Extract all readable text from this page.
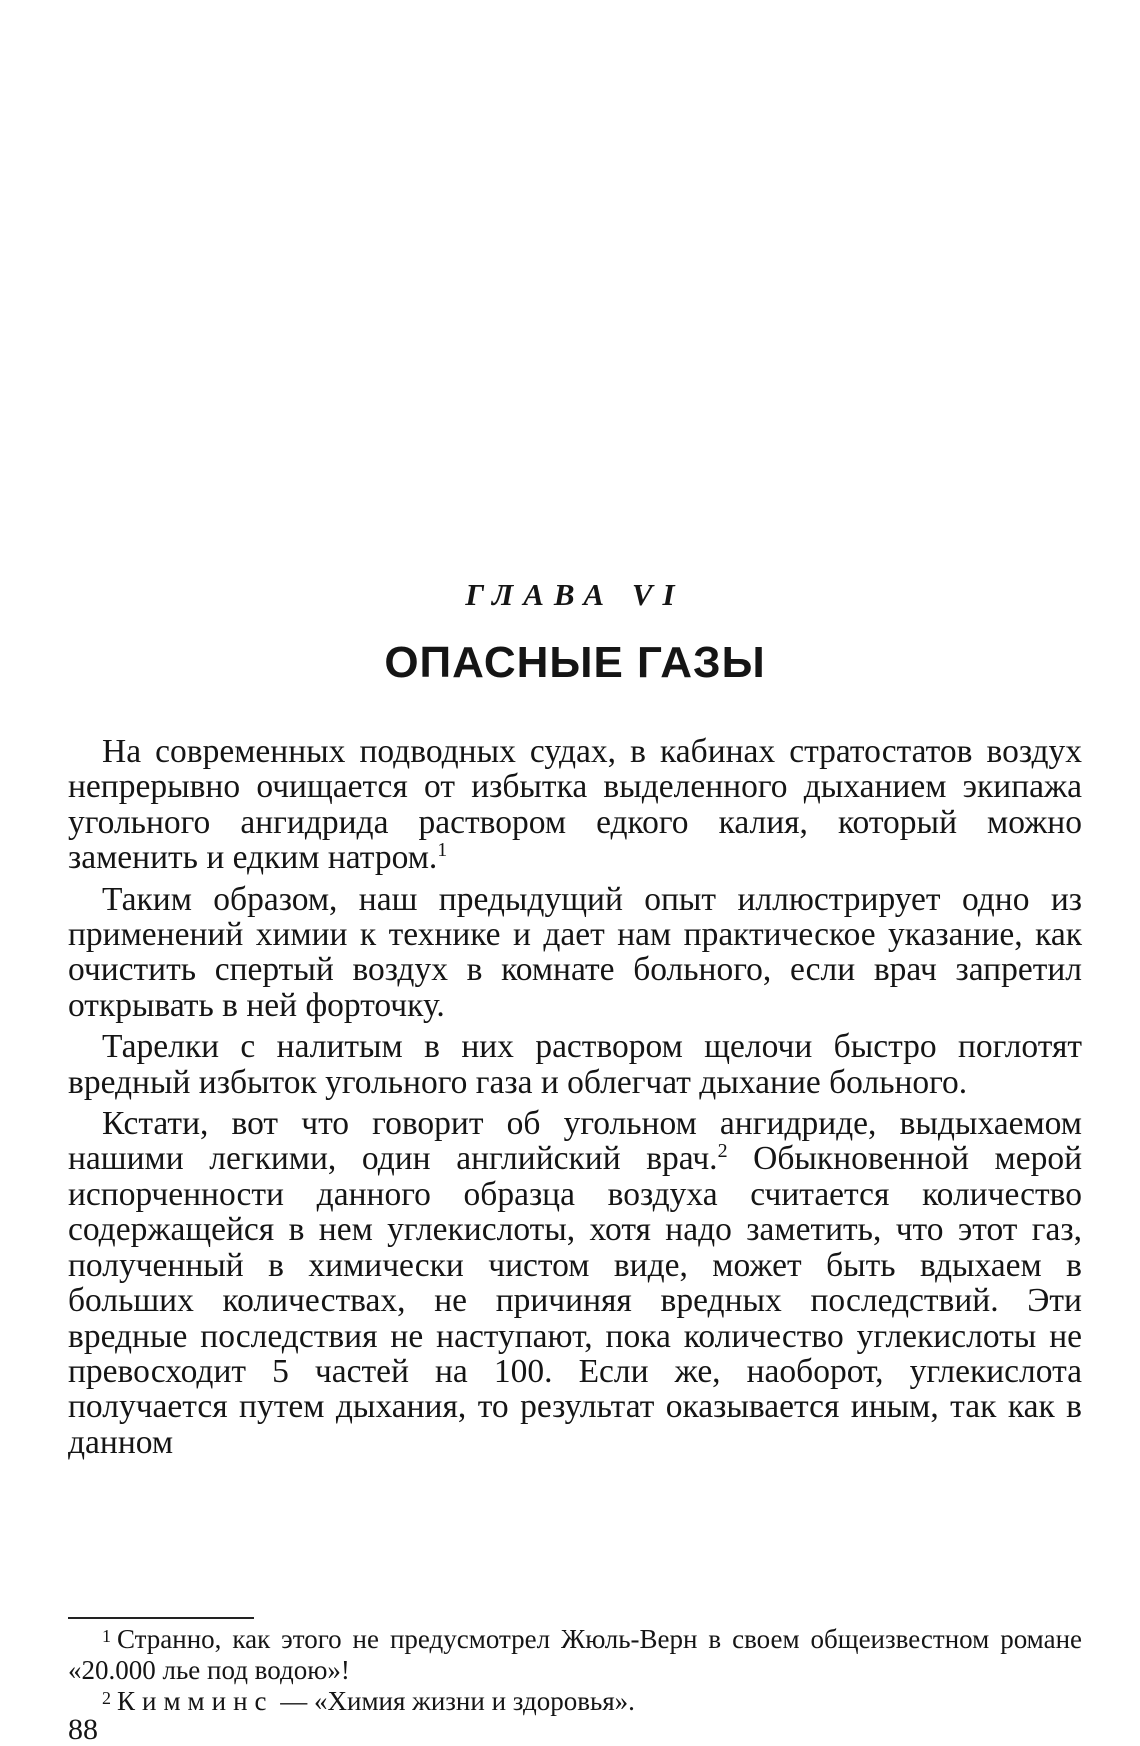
ГЛАВА VI
ОПАСНЫЕ ГАЗЫ

На современных подводных судах, в кабинах стратостатов воздух непрерывно очищается от избытка выделенного дыханием экипажа угольного ангидрида раствором едкого калия, который можно заменить и едким натром.$^1$

Таким образом, наш предыдущий опыт иллюстрирует одно из применений химии к технике и дает нам практическое указание, как очистить спертый воздух в комнате больного, если врач запретил открывать в ней форточку.

Тарелки с налитым в них раствором щелочи быстро поглотят вредный избыток угольного газа и облегчат дыхание больного.

Кстати, вот что говорит об угольном ангидриде, выдыхаемом нашими легкими, один английский врач.$^2$ Обыкновенной мерой испорченности данного образца воздуха считается количество содержащейся в нем углекислоты, хотя надо заметить, что этот газ, полученный в химически чистом виде, может быть вдыхаем в больших количествах, не причиняя вредных последствий. Эти вредные последствия не наступают, пока количество углекислоты не превосходит 5 частей на 100. Если же, наоборот, углекислота получается путем дыхания, то результат оказывается иным, так как в данном

$^1$ Странно, как этого не предусмотрел Жюль-Верн в своем общеизвестном романе «20.000 лье под водою»!

$^2$ Кимминс — «Химия жизни и здоровья».

88
